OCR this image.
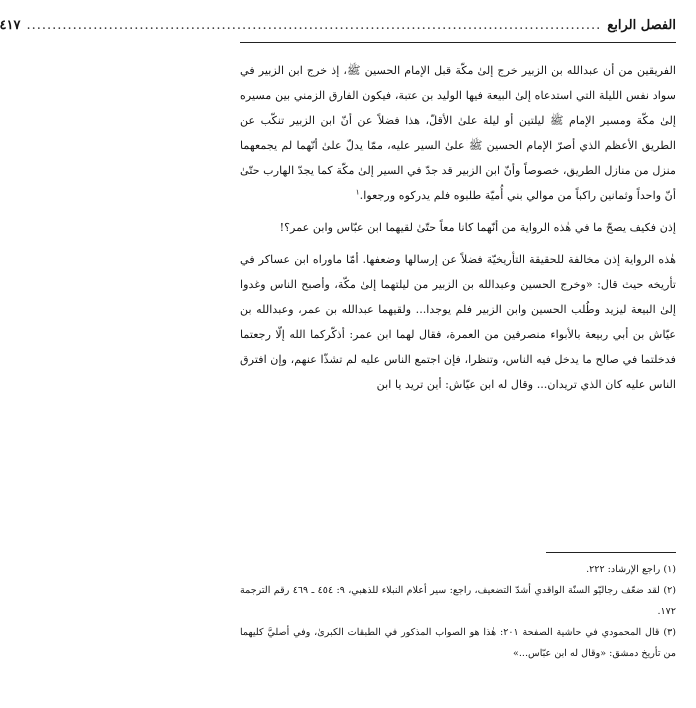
الفصل الرابع
................................................................................................................
٤١٧

الفريقين من أن عبدالله بن الزبير خرج إلىٰ مكّة قبل الإمام الحسين ﷺ، إذ خرج ابن الزبير في سواد نفس الليلة التي استدعاه إلىٰ البيعة فيها الوليد بن عتبة، فيكون الفارق الزمني بين مسيره إلىٰ مكّة ومسير الإمام ﷺ ليلتين أو ليلة علىٰ الأقلّ، هذا فضلاً عن أنّ ابن الزبير تنكّب عن الطريق الأعظم الذي أصرّ الإمام الحسين ﷺ علىٰ السير عليه، ممّا يدلّ علىٰ أنّهما لم يجمعهما منزل من منازل الطريق، خصوصاً وأنّ ابن الزبير قد جدّ في السير إلىٰ مكّة كما يجدّ الهارب حتّىٰ أنّ واحداً وثمانين راكباً من موالي بني أُميّة طلبوه فلم يدركوه ورجعوا.$^١$

إذن فكيف يصحّ ما في هٰذه الرواية من أنّهما كانا معاً حتّىٰ لقيهما ابن عبّاس وابن عمر؟!

هٰذه الرواية إذن مخالفة للحقيقة التأريخيّة فضلاً عن إرسالها وضعفها. أمّا ماوراه ابن عساكر في تأريخه حيث قال: «وخرج الحسين وعبدالله بن الزبير من ليلتهما إلىٰ مكّة، وأصبح الناس وغدوا إلىٰ البيعة ليزيد وطُلب الحسين وابن الزبير فلم يوجدا... ولقيهما عبدالله بن عمر، وعبدالله بن عيّاش بن أبي ربيعة بالأبواء منصرفين من العمرة، فقال لهما ابن عمر: أذكّركما الله إلّا رجعتما فدخلتما في صالح ما يدخل فيه الناس، وتنظرا، فإن اجتمع الناس عليه لم تشذّا عنهم، وإن افترق الناس عليه كان الذي تريدان... وقال له ابن عيّاش: أين تريد يا ابن

(١) راجع الإرشاد: ٢٢٢.

(٢) لقد ضعّف رجاليّو السنّة الواقدي أشدّ التضعيف، راجع: سير أعلام النبلاء للذهبي، ٩: ٤٥٤ ـ ٤٦٩ رقم الترجمة ١٧٢.

(٣) قال المحمودي في حاشية الصفحة ٢٠١: هٰذا هو الصواب المذكور في الطبقات الكبرىٰ، وفي أصليَّ كليهما من تأريخ دمشق: «وقال له ابن عبّاس...»
